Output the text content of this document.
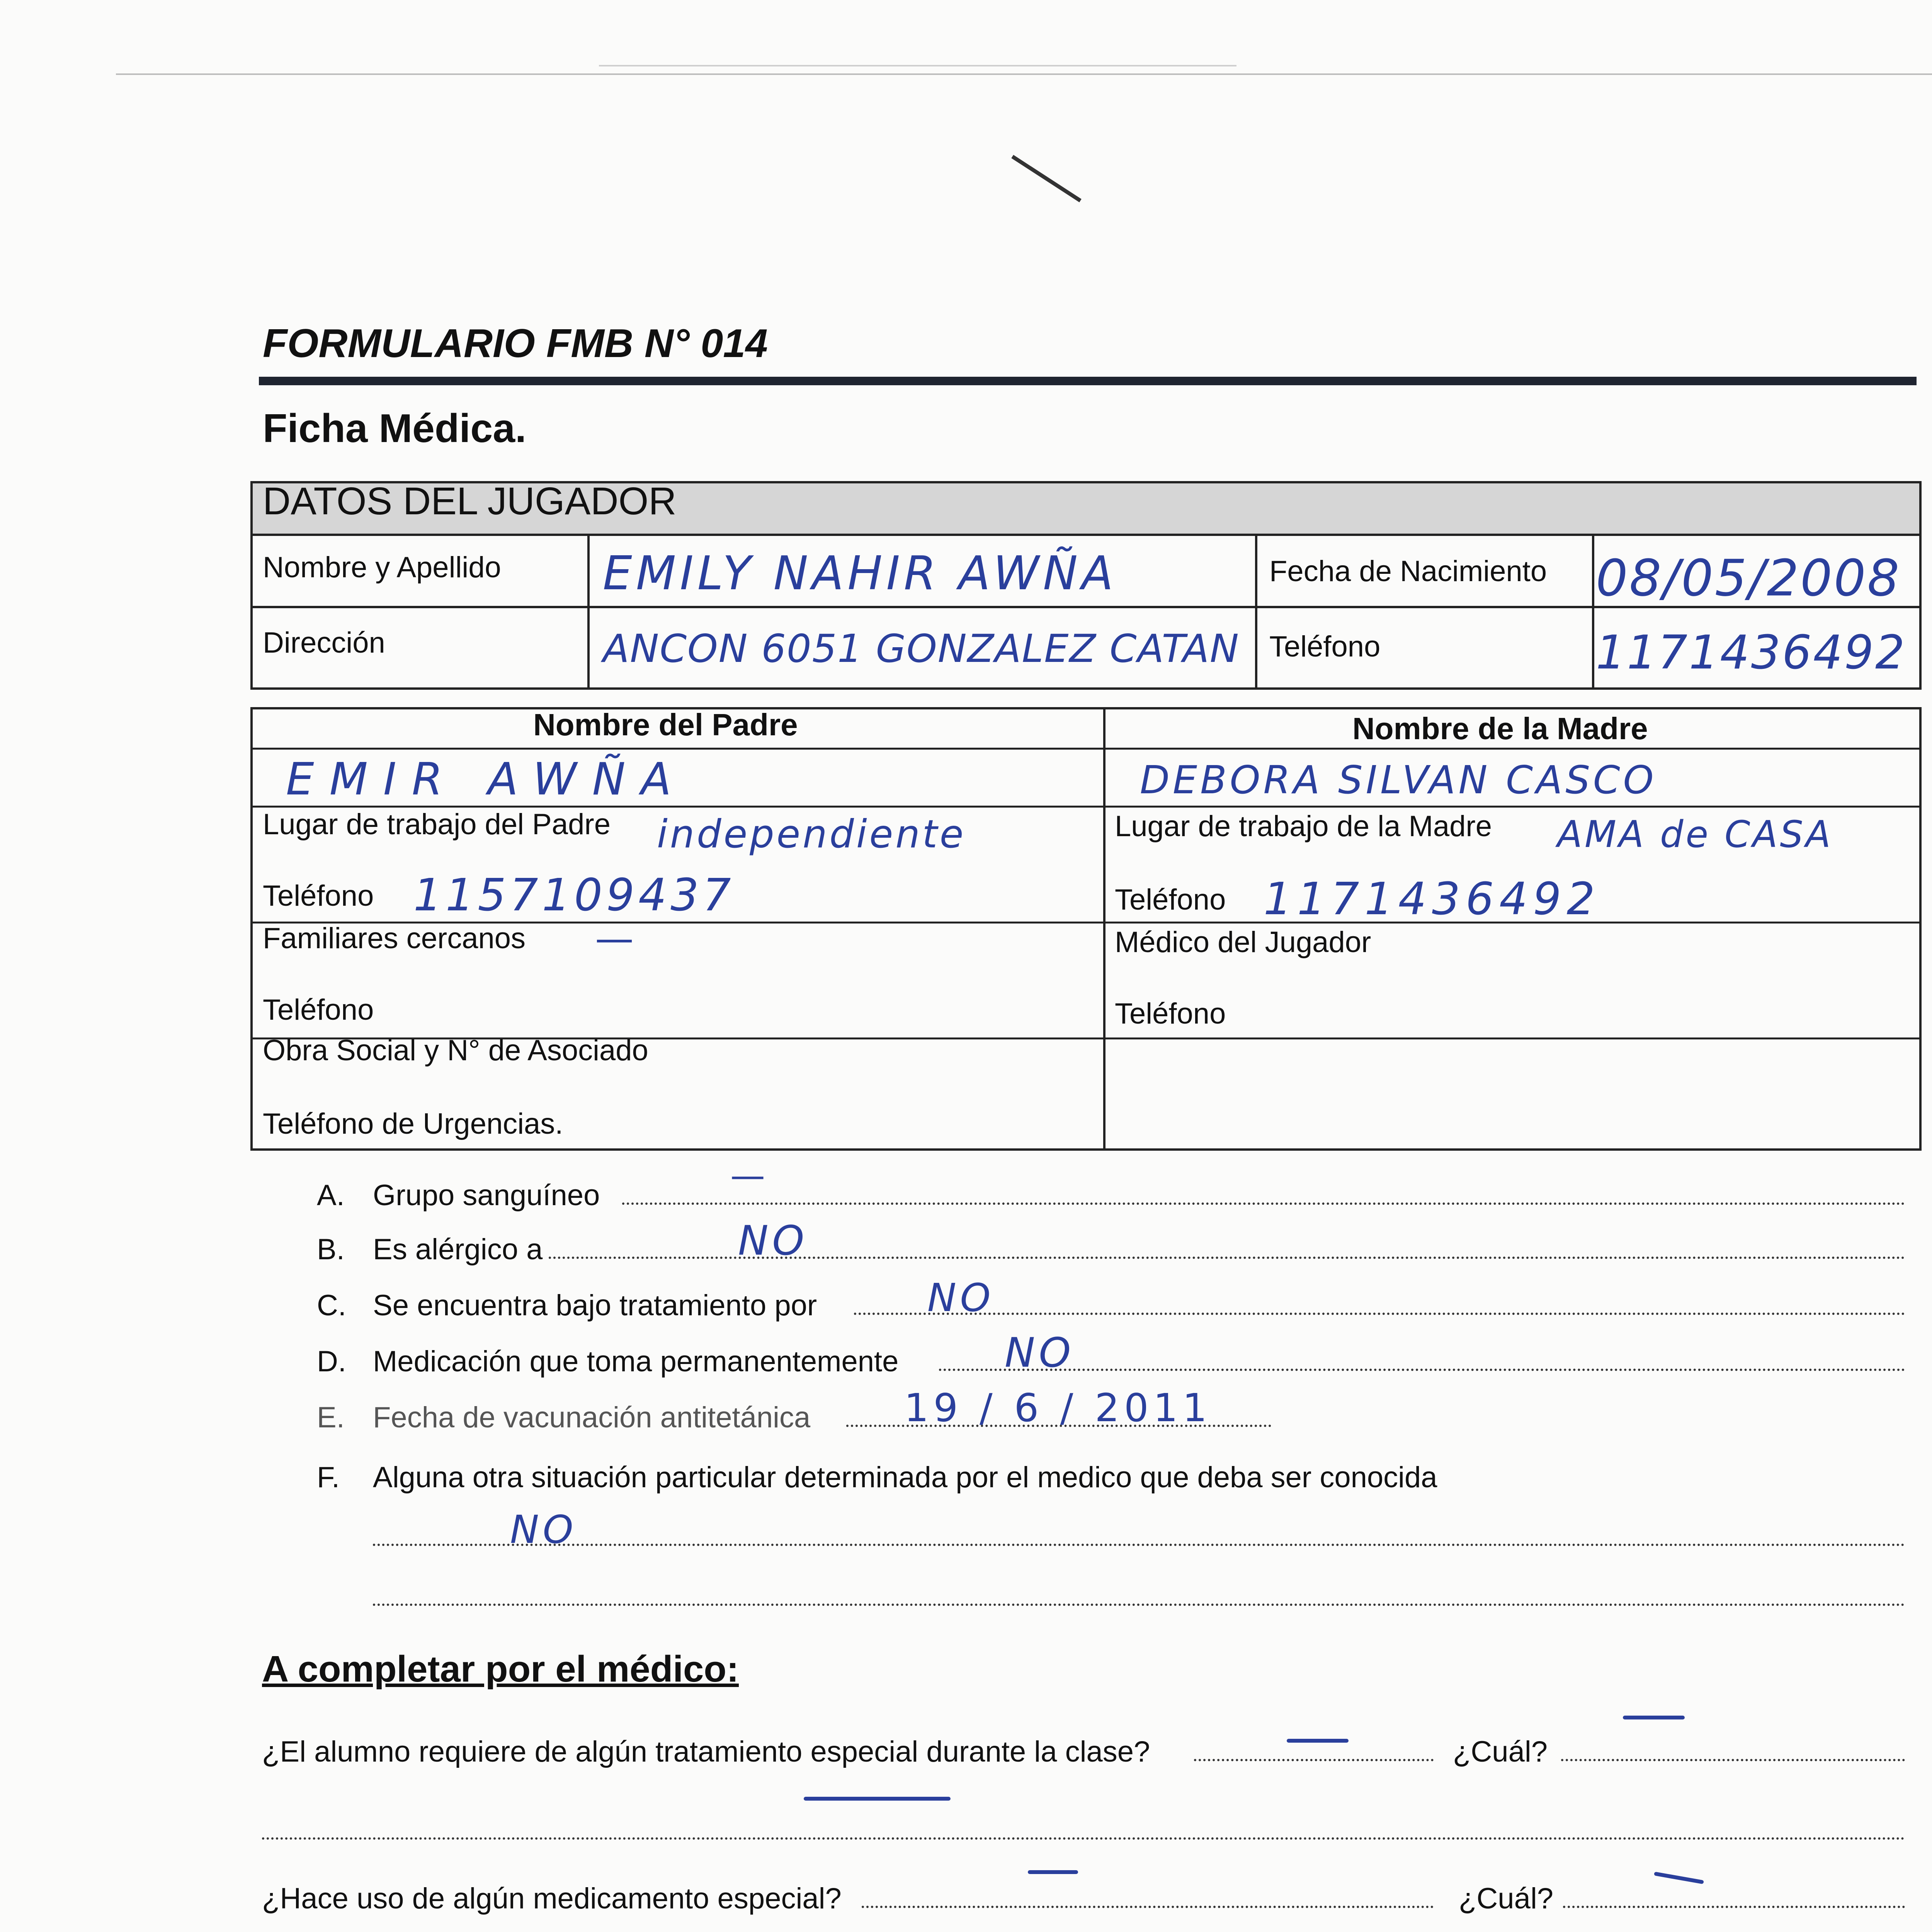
FORMULARIO FMB N° 014
Ficha Médica.
DATOS DEL JUGADOR
Nombre y Apellido EMILY NAHIR AWÑA	Fecha de Nacimiento 08/05/2008
Dirección	ANCON 6051 GONZALEZ CATAN Teléfono	1171436492
Nombre del Padre	Nombre de la Madre
EMIR AWÑA	DEBORA SILVAN CASCO
Lugar de trabajo del Padre independiente	Lugar de trabajo de la Madre AMA de CASA
Teléfono 1157109437	Teléfono 1171436492
Familiares cercanos —	Médico del Jugador
Teléfono	Teléfono
Obra Social y N° de Asociado
Teléfono de Urgencias.
A. Grupo sanguíneo	—
B. Es alérgico a	NO
C. Se encuentra bajo tratamiento por	NO
D. Medicación que toma permanentemente	NO
E. Fecha de vacunación antitetánica 19 / 6 / 2011
F. Alguna otra situación particular determinada por el medico que deba ser conocida
NO
A completar por el médico:
¿El alumno requiere de algún tratamiento especial durante la clase?	¿Cuál?
¿Hace uso de algún medicamento especial?	¿Cuál?
